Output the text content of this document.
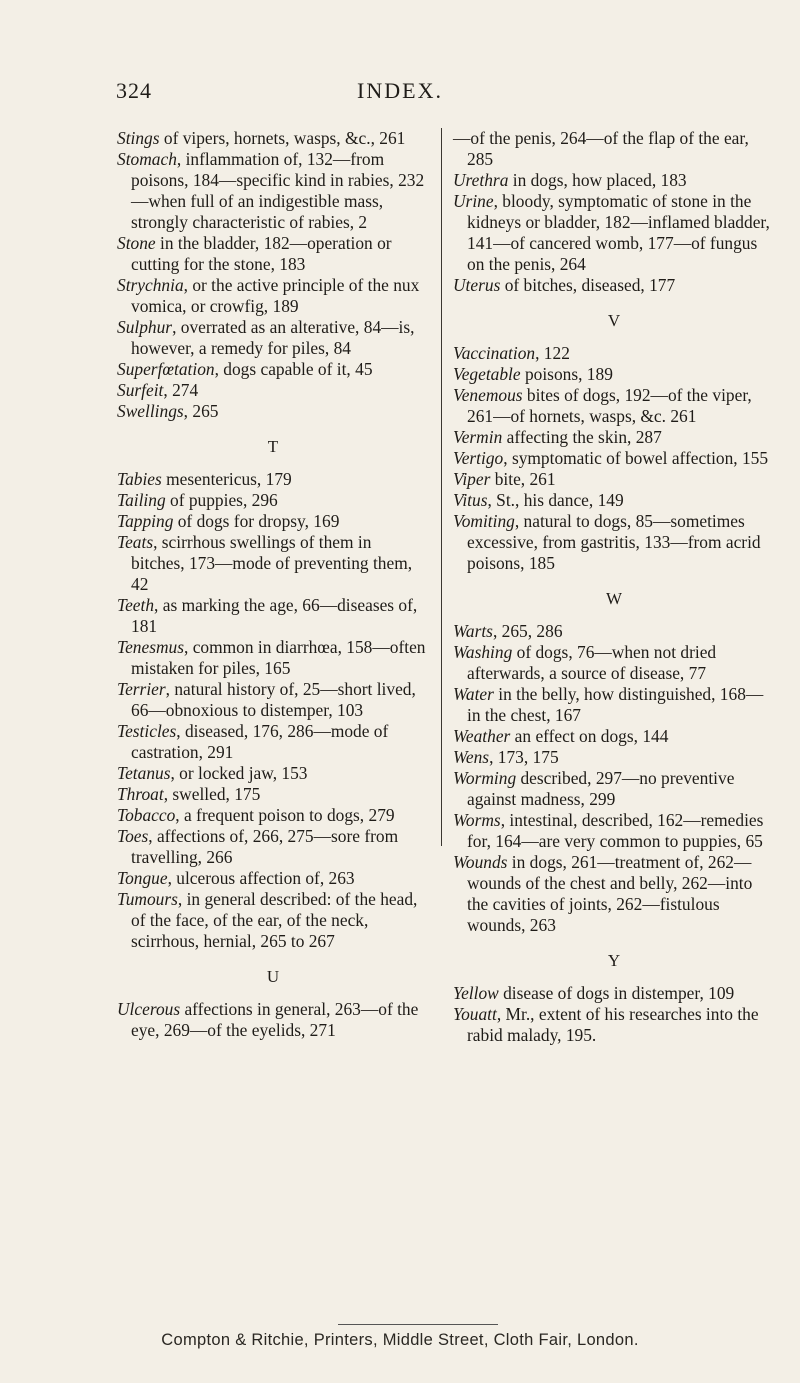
324	INDEX.

Stings of vipers, hornets, wasps, &c., 261

Stomach, inflammation of, 132—from poisons, 184—specific kind in rabies, 232—when full of an indigestible mass, strongly characteristic of rabies, 2

Stone in the bladder, 182—operation or cutting for the stone, 183

Strychnia, or the active principle of the nux vomica, or crowfig, 189

Sulphur, overrated as an alterative, 84—is, however, a remedy for piles, 84

Superfœtation, dogs capable of it, 45

Surfeit, 274

Swellings, 265

T

Tabies mesentericus, 179

Tailing of puppies, 296

Tapping of dogs for dropsy, 169

Teats, scirrhous swellings of them in bitches, 173—mode of preventing them, 42

Teeth, as marking the age, 66—diseases of, 181

Tenesmus, common in diarrhœa, 158—often mistaken for piles, 165

Terrier, natural history of, 25—short lived, 66—obnoxious to distemper, 103

Testicles, diseased, 176, 286—mode of castration, 291

Tetanus, or locked jaw, 153

Throat, swelled, 175

Tobacco, a frequent poison to dogs, 279

Toes, affections of, 266, 275—sore from travelling, 266

Tongue, ulcerous affection of, 263

Tumours, in general described: of the head, of the face, of the ear, of the neck, scirrhous, hernial, 265 to 267

U

Ulcerous affections in general, 263—of the eye, 269—of the eyelids, 271

—of the penis, 264—of the flap of the ear, 285

Urethra in dogs, how placed, 183

Urine, bloody, symptomatic of stone in the kidneys or bladder, 182—inflamed bladder, 141—of cancered womb, 177—of fungus on the penis, 264

Uterus of bitches, diseased, 177

V

Vaccination, 122

Vegetable poisons, 189

Venemous bites of dogs, 192—of the viper, 261—of hornets, wasps, &c. 261

Vermin affecting the skin, 287

Vertigo, symptomatic of bowel affection, 155

Viper bite, 261

Vitus, St., his dance, 149

Vomiting, natural to dogs, 85—sometimes excessive, from gastritis, 133—from acrid poisons, 185

W

Warts, 265, 286

Washing of dogs, 76—when not dried afterwards, a source of disease, 77

Water in the belly, how distinguished, 168—in the chest, 167

Weather an effect on dogs, 144

Wens, 173, 175

Worming described, 297—no preventive against madness, 299

Worms, intestinal, described, 162—remedies for, 164—are very common to puppies, 65

Wounds in dogs, 261—treatment of, 262—wounds of the chest and belly, 262—into the cavities of joints, 262—fistulous wounds, 263

Y

Yellow disease of dogs in distemper, 109

Youatt, Mr., extent of his researches into the rabid malady, 195.

Compton & Ritchie, Printers, Middle Street, Cloth Fair, London.
